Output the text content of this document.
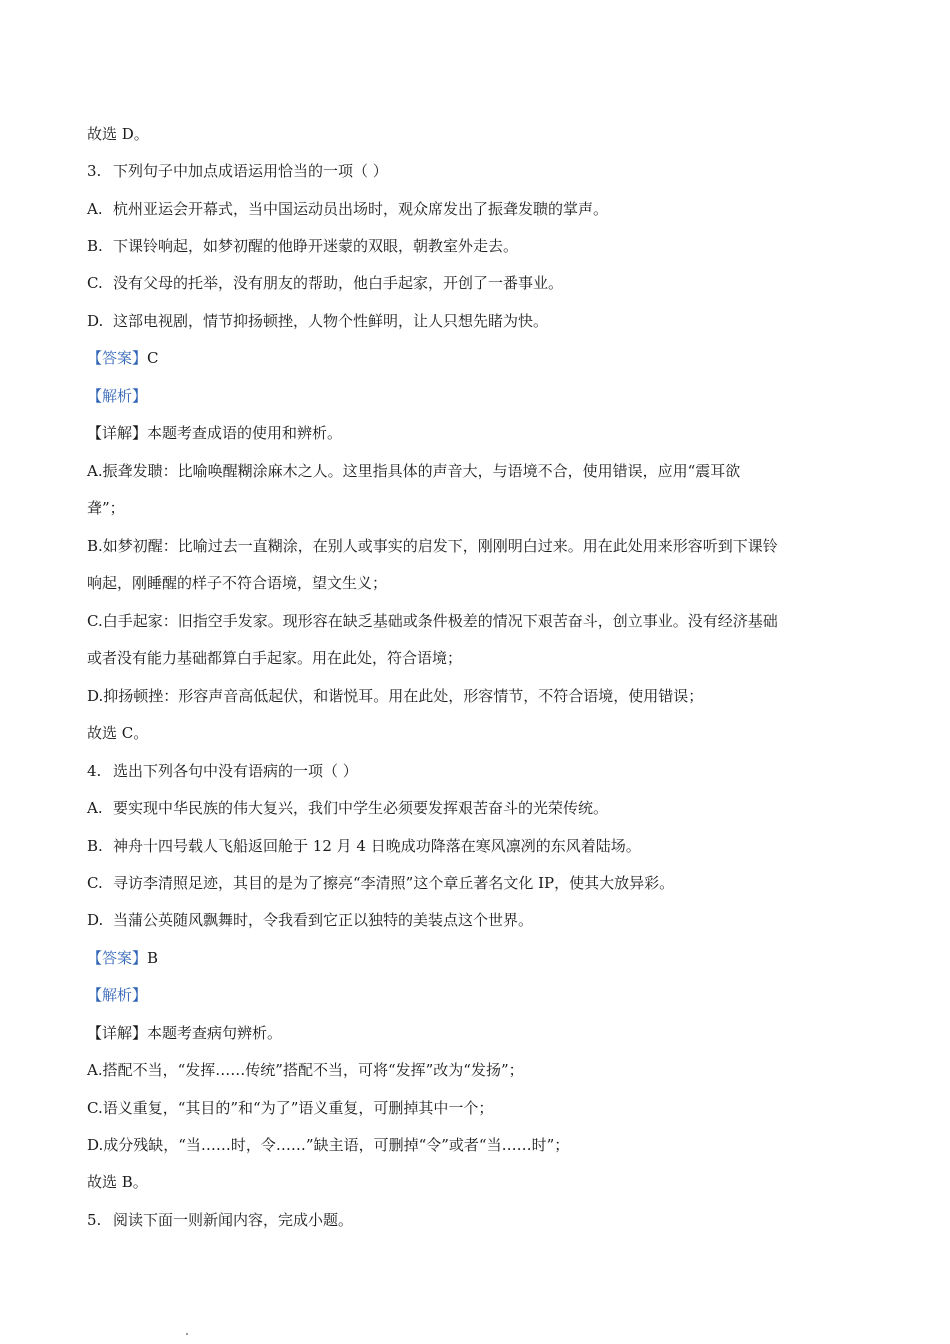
故选 D。
3. 下列句子中加点成语运用恰当的一项（ ）
A. 杭州亚运会开幕式，当中国运动员出场时，观众席发出了振聋发聩的掌声。
B. 下课铃响起，如梦初醒的他睁开迷蒙的双眼，朝教室外走去。
C. 没有父母的托举，没有朋友的帮助，他白手起家，开创了一番事业。
D. 这部电视剧，情节抑扬顿挫，人物个性鲜明，让人只想先睹为快。
【答案】C
【解析】
【详解】本题考查成语的使用和辨析。
A.振聋发聩：比喻唤醒糊涂麻木之人。这里指具体的声音大，与语境不合，使用错误，应用“震耳欲
聋”；
B.如梦初醒：比喻过去一直糊涂，在别人或事实的启发下，刚刚明白过来。用在此处用来形容听到下课铃
响起，刚睡醒的样子不符合语境，望文生义；
C.白手起家：旧指空手发家。现形容在缺乏基础或条件极差的情况下艰苦奋斗，创立事业。没有经济基础
或者没有能力基础都算白手起家。用在此处，符合语境；
D.抑扬顿挫：形容声音高低起伏，和谐悦耳。用在此处，形容情节，不符合语境，使用错误；
故选 C。
4. 选出下列各句中没有语病的一项（ ）
A. 要实现中华民族的伟大复兴，我们中学生必须要发挥艰苦奋斗的光荣传统。
B. 神舟十四号载人飞船返回舱于 12 月 4 日晚成功降落在寒风凛冽的东风着陆场。
C. 寻访李清照足迹，其目的是为了擦亮“李清照”这个章丘著名文化 IP，使其大放异彩。
D. 当蒲公英随风飘舞时，令我看到它正以独特的美装点这个世界。
【答案】B
【解析】
【详解】本题考查病句辨析。
A.搭配不当，“发挥……传统”搭配不当，可将“发挥”改为“发扬”；
C.语义重复，“其目的”和“为了”语义重复，可删掉其中一个；
D.成分残缺，“当……时，令……”缺主语，可删掉“令”或者“当……时”；
故选 B。
5. 阅读下面一则新闻内容，完成小题。
